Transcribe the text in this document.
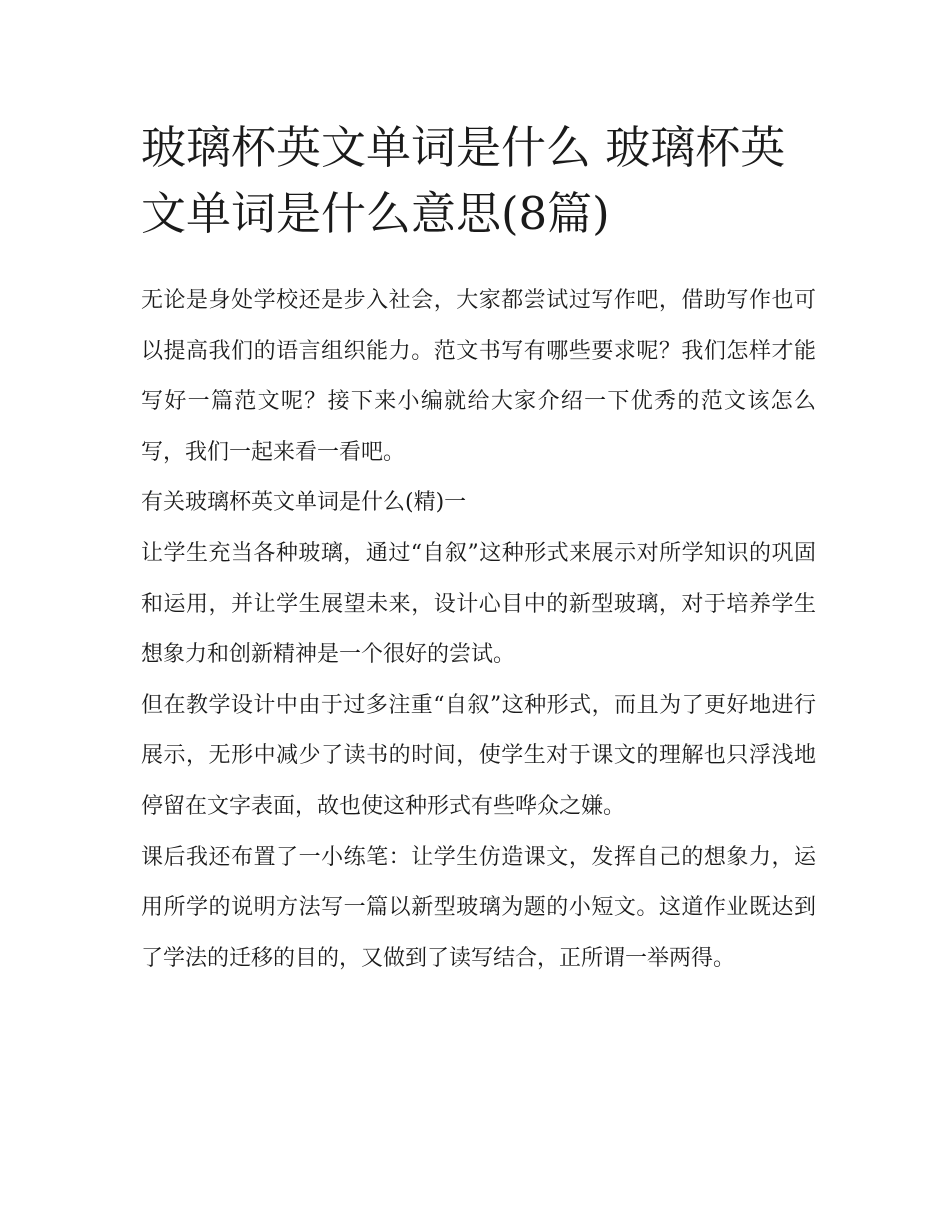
玻璃杯英文单词是什么 玻璃杯英文单词是什么意思(8篇)

无论是身处学校还是步入社会，大家都尝试过写作吧，借助写作也可以提高我们的语言组织能力。范文书写有哪些要求呢？我们怎样才能写好一篇范文呢？接下来小编就给大家介绍一下优秀的范文该怎么写，我们一起来看一看吧。

有关玻璃杯英文单词是什么(精)一

让学生充当各种玻璃，通过“自叙”这种形式来展示对所学知识的巩固和运用，并让学生展望未来，设计心目中的新型玻璃，对于培养学生想象力和创新精神是一个很好的尝试。

但在教学设计中由于过多注重“自叙”这种形式，而且为了更好地进行展示，无形中减少了读书的时间，使学生对于课文的理解也只浮浅地停留在文字表面，故也使这种形式有些哗众之嫌。

课后我还布置了一小练笔：让学生仿造课文，发挥自己的想象力，运用所学的说明方法写一篇以新型玻璃为题的小短文。这道作业既达到了学法的迁移的目的，又做到了读写结合，正所谓一举两得。
